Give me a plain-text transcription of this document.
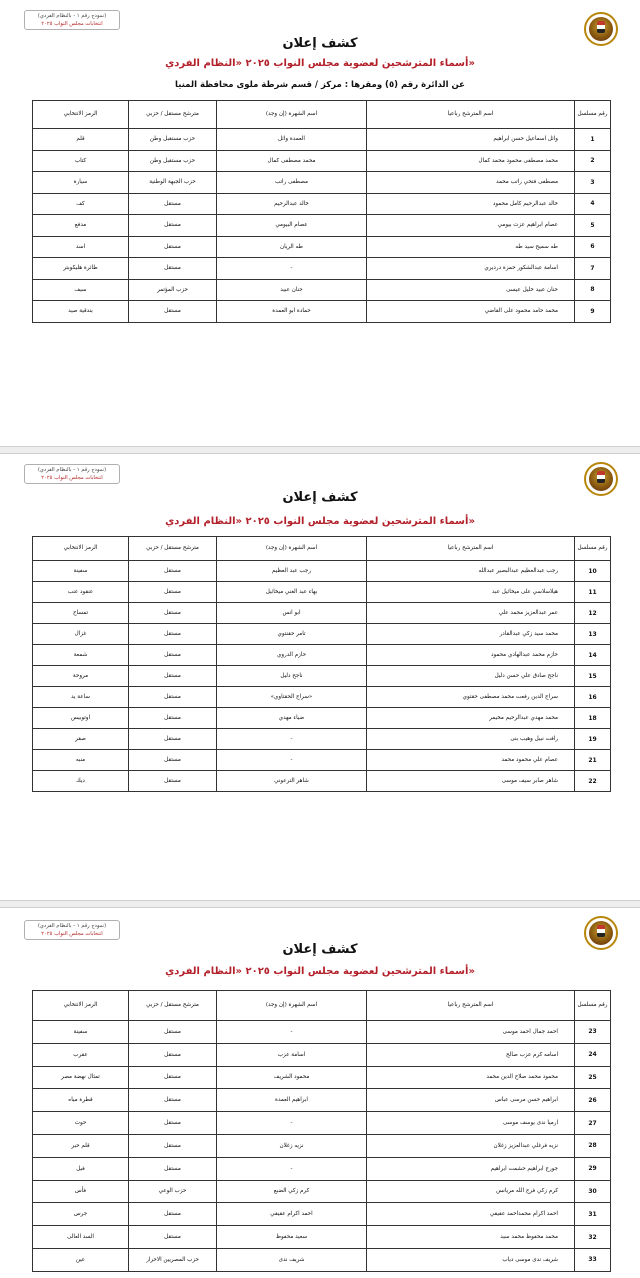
(نموذج رقم ١ - بالنظام الفردي)
انتخابات مجلس النواب ٢٠٢٥
كشف إعلان
أسماء المترشحين لعضوية مجلس النواب ٢٠٢٥ «النظام الفردي»
عن الدائرة رقم (٥) ومقرها : مركز / قسم شرطة ملوى محافظة المنيا
رقم مسلسل	اسم المترشح رباعيا	اسم الشهرة (إن وجد)	مترشح مستقل / حزبي	الرمز الانتخابي
1	وائل اسماعيل حسن ابراهيم	العمدة وائل	حزب مستقبل وطن	قلم
2	محمد مصطفى محمود محمد كمال	محمد مصطفى كمال	حزب مستقبل وطن	كتاب
3	مصطفى فتحي راتب محمد	مصطفى راتب	حزب الجبهة الوطنية	سيارة
4	خالد عبدالرحيم كامل محمود	خالد عبدالرحيم	مستقل	كف
5	عصام ابراهيم عزت بيومي	عصام البيومي	مستقل	مدفع
6	طه سميح سيد طه	طه الريان	مستقل	اسد
7	اسامة عبدالشكور حمزة درديري	-	مستقل	طائرة هليكوبتر
8	حنان عبيد خليل عيسى	حنان عبيد	حزب المؤتمر	سيف
9	محمد حامد محمود على القاضي	حمادة ابو العمدة	مستقل	بندقية صيد
(نموذج رقم ١ - بالنظام الفردي)
انتخابات مجلس النواب ٢٠٢٥
كشف إعلان
أسماء المترشحين لعضوية مجلس النواب ٢٠٢٥ «النظام الفردي»
رقم مسلسل	اسم المترشح رباعيا	اسم الشهرة (إن وجد)	مترشح مستقل / حزبي	الرمز الانتخابي
10	رجب عبدالعظيم عبدالبصير عبدالله	رجب عبد العظيم	مستقل	سفينة
11	هيلاسلاسي على ميخائيل عبد	بهاء عبد الغني ميخائيل	مستقل	عنقود عنب
12	عمر عبدالعزيز محمد علي	ابو انس	مستقل	تمساح
13	محمد سيد زكي عبدالقادر	تامر حقنتوي	مستقل	غزال
14	حازم محمد عبدالهادي محمود	حازم الدروي	مستقل	شمعة
15	ناجح صادق علي حسن دليل	ناجح دليل	مستقل	مروحة
16	سراج الدين رفعت محمد مصطفى حقتوي	«سراج الحقتاوي»	مستقل	ساعة يد
18	محمد مهدي عبدالرحيم مخيمر	ضياء مهدي	مستقل	اوتوبيس
19	رافت نبيل وهيب بنى	-	مستقل	صقر
21	عصام علي محمود محمد	-	مستقل	منبه
22	شاهر صابر سيف موسى	شاهر الترعوني	مستقل	ديك
(نموذج رقم ١ - بالنظام الفردي)
انتخابات مجلس النواب ٢٠٢٥
كشف إعلان
أسماء المترشحين لعضوية مجلس النواب ٢٠٢٥ «النظام الفردي»
رقم مسلسل	اسم المترشح رباعيا	اسم الشهرة (إن وجد)	مترشح مستقل / حزبي	الرمز الانتخابي
23	احمد جمال احمد موسى	-	مستقل	سفينة
24	اسامه كرم عزب صالح	اسامة عزب	مستقل	عقرب
25	محمود محمد صلاح الدين محمد	محمود الشريف	مستقل	تمثال نهضة مصر
26	ابراهيم حسن مرسى عباس	ابراهيم العمدة	مستقل	قطرة مياه
27	ارميا ندى يوسف موسى	-	مستقل	حوت
28	نزيه فرغلي عبدالعزيز زغلان	نزيه زغلان	مستقل	قلم حبر
29	جورج ابراهيم حشمت ابراهيم	-	مستقل	فيل
30	كرم زكي فرج الله مريانس	كرم زكي الضبع	حزب الوعي	فأس
31	احمد اكرام محمداحمد عقيقي	احمد اكرام عقيقي	مستقل	جرس
32	محمد محفوظ محمد سيد	سعيد محفوظ	مستقل	السد العالى
33	شريف ندى موسى دياب	شريف ندى	حزب المصريين الاحرار	عين
